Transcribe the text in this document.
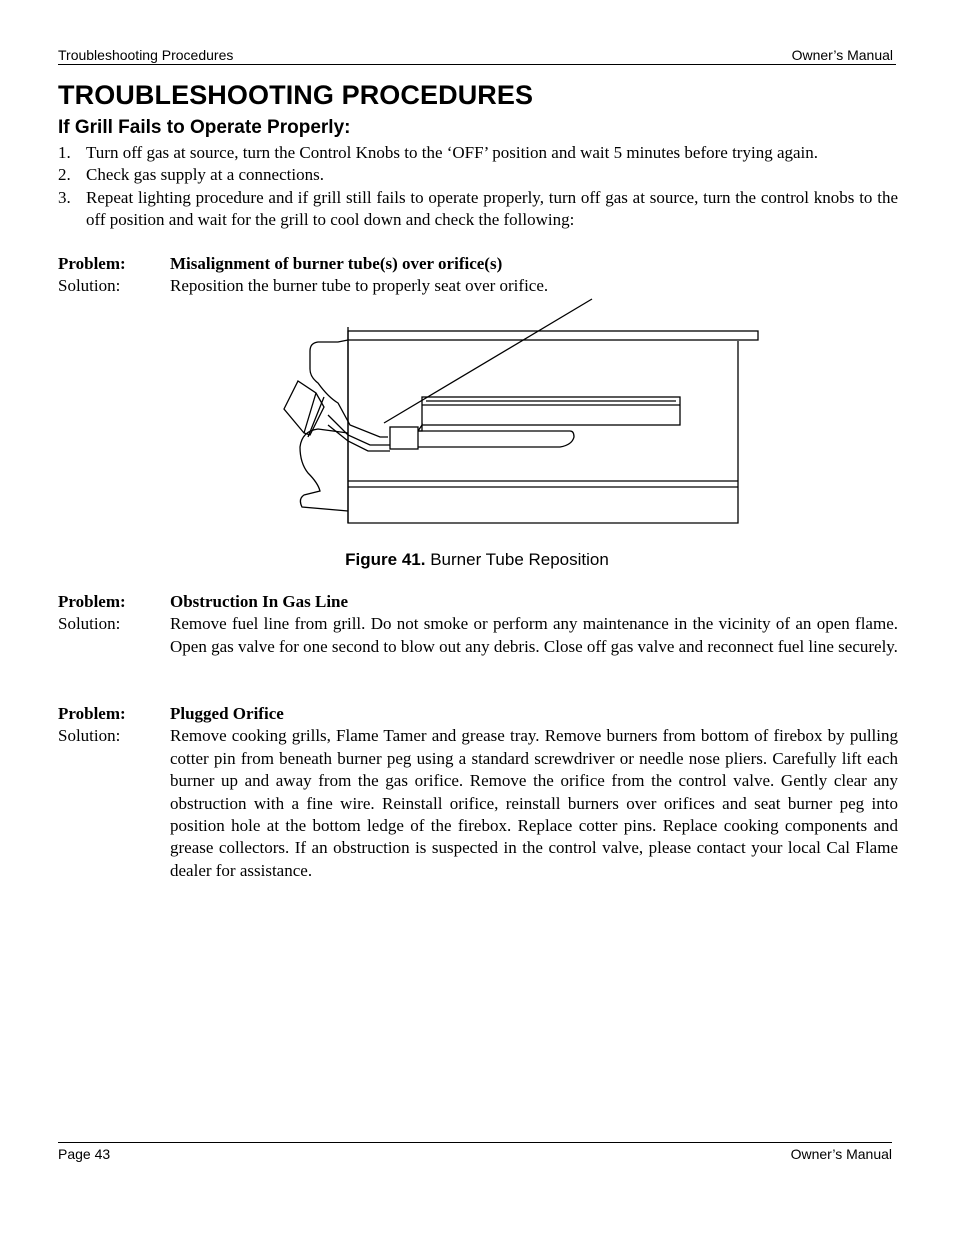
Troubleshooting Procedures	Owner’s Manual
TROUBLESHOOTING PROCEDURES
If Grill Fails to Operate Properly:
1. Turn off gas at source, turn the Control Knobs to the ‘OFF’ position and wait 5 minutes before trying again.
2. Check gas supply at a connections.
3. Repeat lighting procedure and if grill still fails to operate properly, turn off gas at source, turn the control knobs to the off position and wait for the grill to cool down and check the following:
Problem:	Misalignment of burner tube(s) over orifice(s)
Solution:	Reposition the burner tube to properly seat over orifice.
Figure 41. Burner Tube Reposition
Problem:	Obstruction In Gas Line
Solution:	Remove fuel line from grill. Do not smoke or perform any maintenance in the vicinity of an open flame. Open gas valve for one second to blow out any debris. Close off gas valve and reconnect fuel line securely.
Problem:	Plugged Orifice
Solution:	Remove cooking grills, Flame Tamer and grease tray. Remove burners from bottom of firebox by pulling cotter pin from beneath burner peg using a standard screwdriver or needle nose pliers. Carefully lift each burner up and away from the gas orifice. Remove the orifice from the control valve. Gently clear any obstruction with a fine wire. Reinstall orifice, reinstall burners over orifices and seat burner peg into position hole at the bottom ledge of the firebox. Replace cotter pins. Replace cooking components and grease collectors. If an obstruction is suspected in the control valve, please contact your local Cal Flame dealer for assistance.
Page 43	Owner’s Manual
